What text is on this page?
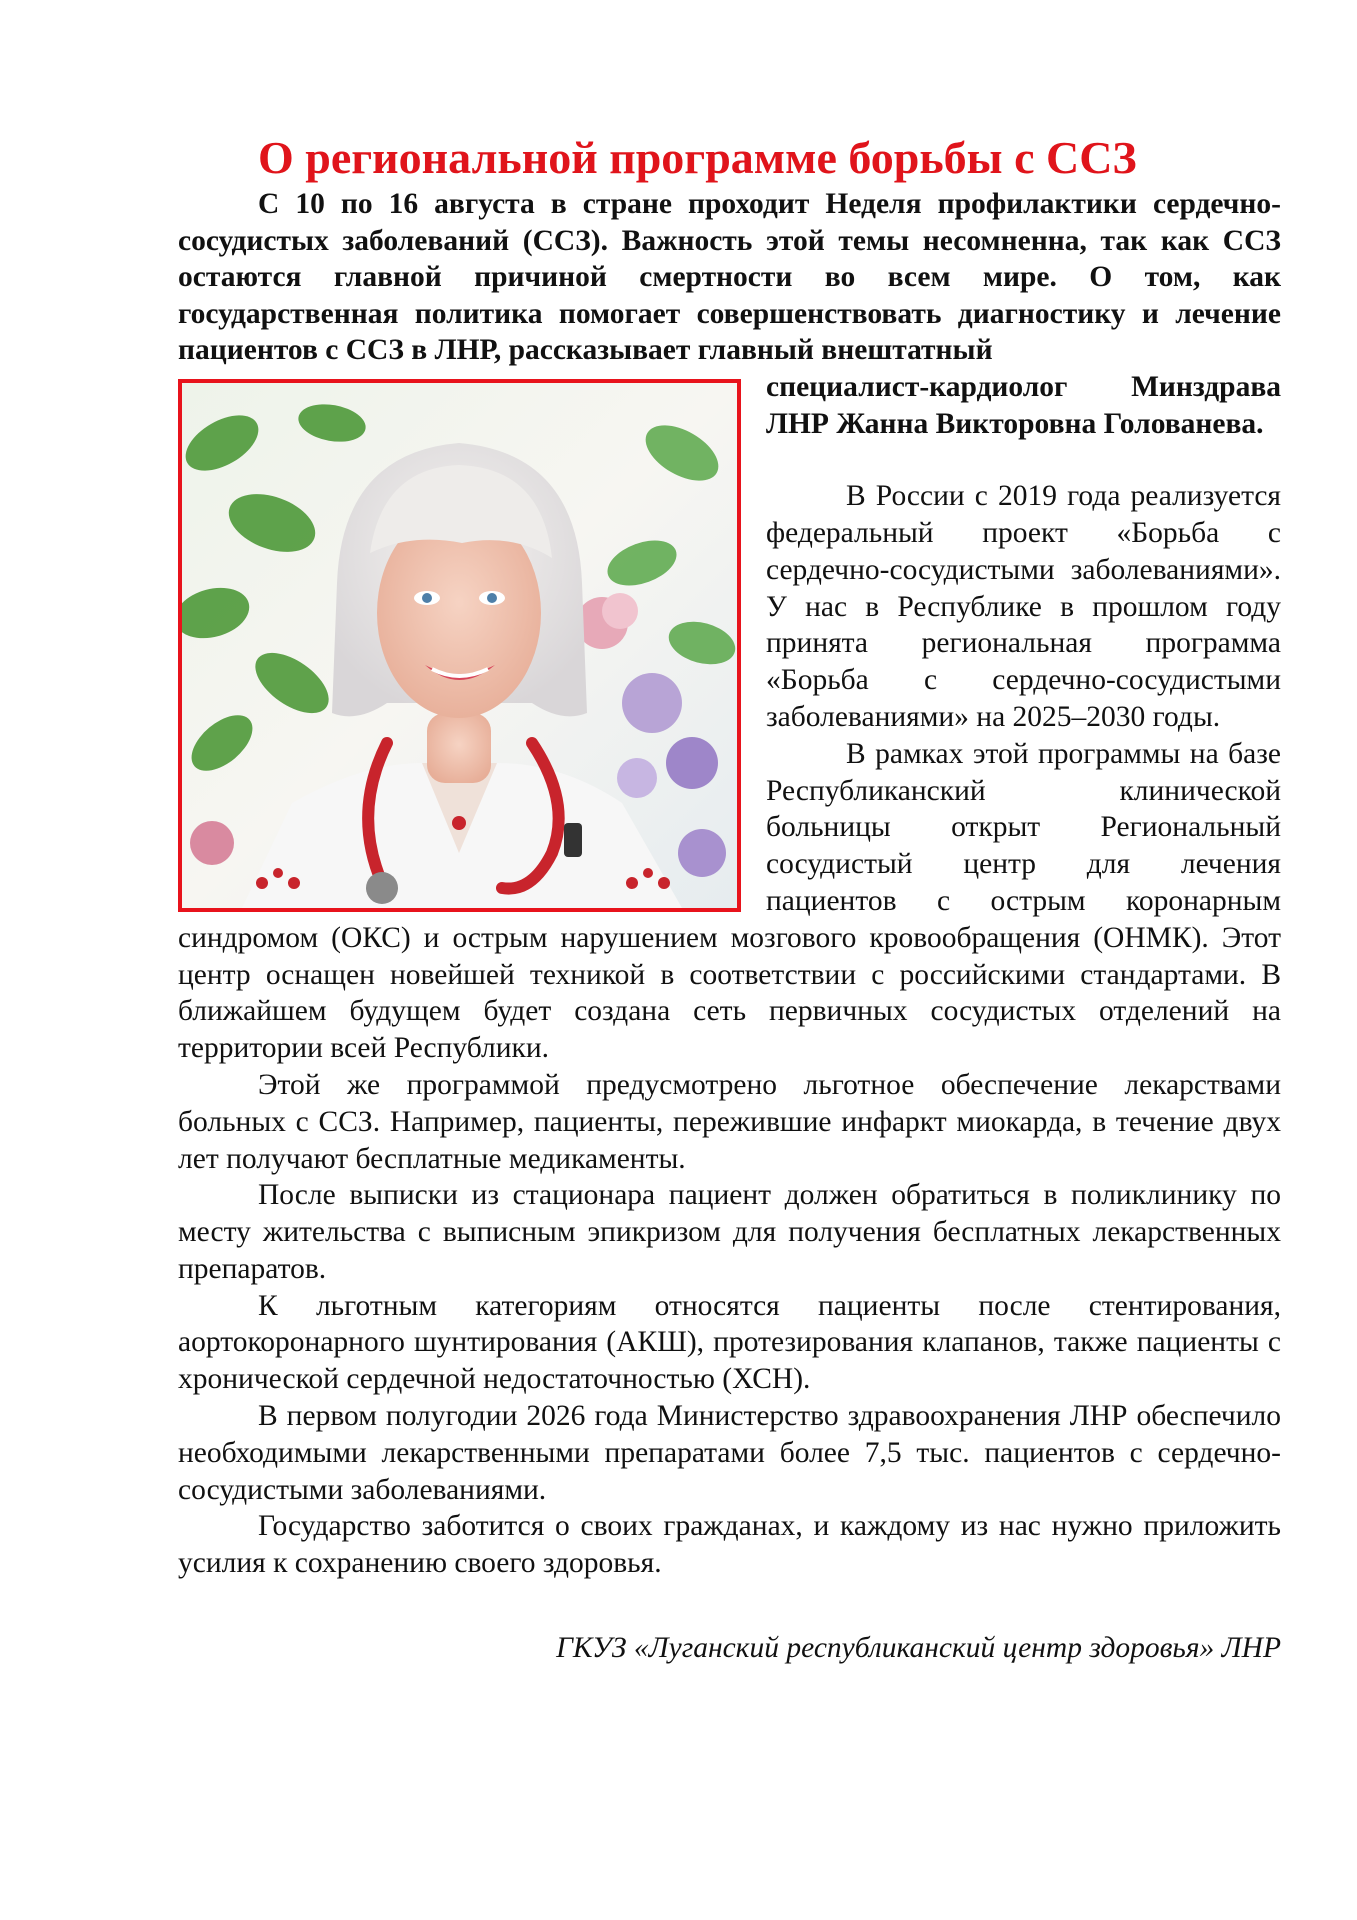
О региональной программе борьбы с ССЗ

С 10 по 16 августа в стране проходит Неделя профилактики сердечно-сосудистых заболеваний (ССЗ). Важность этой темы несомненна, так как ССЗ остаются главной причиной смертности во всем мире. О том, как государственная политика помогает совершенствовать диагностику и лечение пациентов с ССЗ в ЛНР, рассказывает главный внештатный

специалист-кардиолог Минздрава ЛНР Жанна Викторовна Голованева.

В России с 2019 года реализуется федеральный проект «Борьба с сердечно-сосудистыми заболеваниями». У нас в Республике в прошлом году принята региональная программа «Борьба с сердечно-сосудистыми заболеваниями» на 2025–2030 годы.

В рамках этой программы на базе Республиканский клинической больницы открыт Региональный сосудистый центр для лечения пациентов с острым коронарным синдромом (ОКС) и острым нарушением мозгового кровообращения (ОНМК). Этот центр оснащен новейшей техникой в соответствии с российскими стандартами. В ближайшем будущем будет создана сеть первичных сосудистых отделений на территории всей Республики.

Этой же программой предусмотрено льготное обеспечение лекарствами больных с ССЗ. Например, пациенты, пережившие инфаркт миокарда, в течение двух лет получают бесплатные медикаменты.

После выписки из стационара пациент должен обратиться в поликлинику по месту жительства с выписным эпикризом для получения бесплатных лекарственных препаратов.

К льготным категориям относятся пациенты после стентирования, аортокоронарного шунтирования (АКШ), протезирования клапанов, также пациенты с хронической сердечной недостаточностью (ХСН).

В первом полугодии 2026 года Министерство здравоохранения ЛНР обеспечило необходимыми лекарственными препаратами более 7,5 тыс. пациентов с сердечно-сосудистыми заболеваниями.

Государство заботится о своих гражданах, и каждому из нас нужно приложить усилия к сохранению своего здоровья.

ГКУЗ «Луганский республиканский центр здоровья» ЛНР
